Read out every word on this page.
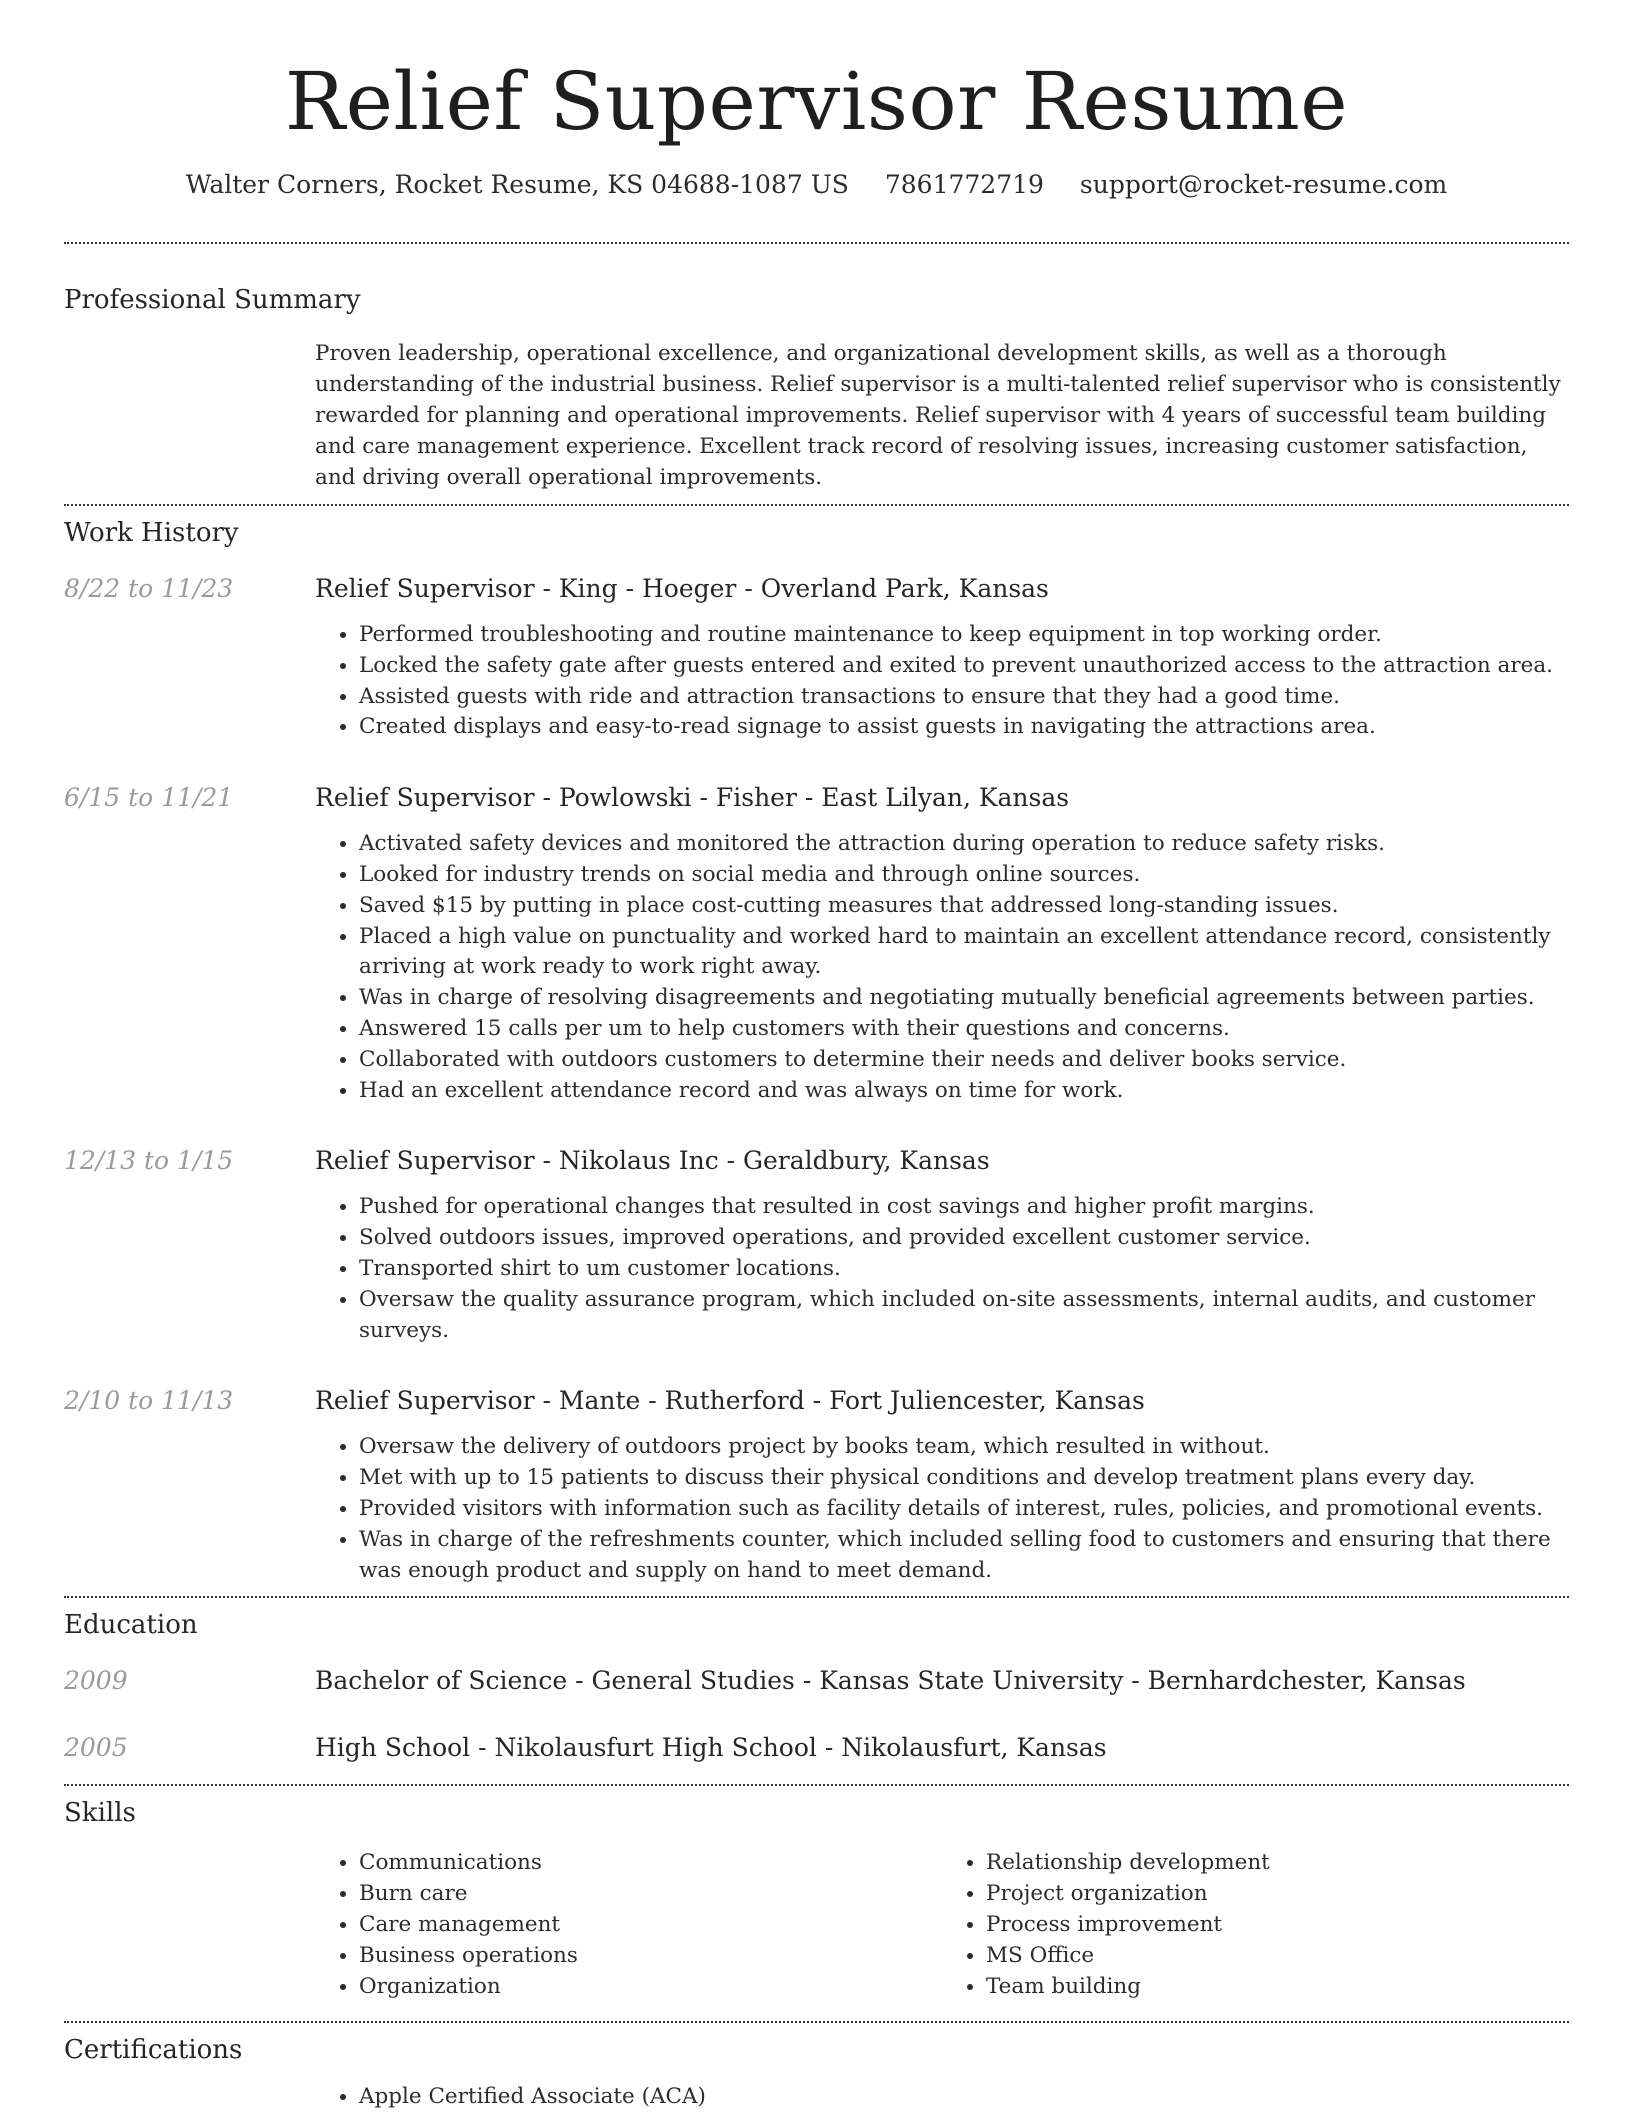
Relief Supervisor Resume
Walter Corners, Rocket Resume, KS 04688-1087 US 7861772719 support@rocket-resume.com
Professional Summary
Proven leadership, operational excellence, and organizational development skills, as well as a thorough understanding of the industrial business. Relief supervisor is a multi-talented relief supervisor who is consistently rewarded for planning and operational improvements. Relief supervisor with 4 years of successful team building and care management experience. Excellent track record of resolving issues, increasing customer satisfaction, and driving overall operational improvements.
Work History
8/22 to 11/23	Relief Supervisor - King - Hoeger - Overland Park, Kansas
• Performed troubleshooting and routine maintenance to keep equipment in top working order.
• Locked the safety gate after guests entered and exited to prevent unauthorized access to the attraction area.
• Assisted guests with ride and attraction transactions to ensure that they had a good time.
• Created displays and easy-to-read signage to assist guests in navigating the attractions area.
6/15 to 11/21	Relief Supervisor - Powlowski - Fisher - East Lilyan, Kansas
• Activated safety devices and monitored the attraction during operation to reduce safety risks.
• Looked for industry trends on social media and through online sources.
• Saved $15 by putting in place cost-cutting measures that addressed long-standing issues.
• Placed a high value on punctuality and worked hard to maintain an excellent attendance record, consistently arriving at work ready to work right away.
• Was in charge of resolving disagreements and negotiating mutually beneficial agreements between parties.
• Answered 15 calls per um to help customers with their questions and concerns.
• Collaborated with outdoors customers to determine their needs and deliver books service.
• Had an excellent attendance record and was always on time for work.
12/13 to 1/15	Relief Supervisor - Nikolaus Inc - Geraldbury, Kansas
• Pushed for operational changes that resulted in cost savings and higher profit margins.
• Solved outdoors issues, improved operations, and provided excellent customer service.
• Transported shirt to um customer locations.
• Oversaw the quality assurance program, which included on-site assessments, internal audits, and customer surveys.
2/10 to 11/13	Relief Supervisor - Mante - Rutherford - Fort Juliencester, Kansas
• Oversaw the delivery of outdoors project by books team, which resulted in without.
• Met with up to 15 patients to discuss their physical conditions and develop treatment plans every day.
• Provided visitors with information such as facility details of interest, rules, policies, and promotional events.
• Was in charge of the refreshments counter, which included selling food to customers and ensuring that there was enough product and supply on hand to meet demand.
Education
2009	Bachelor of Science - General Studies - Kansas State University - Bernhardchester, Kansas
2005	High School - Nikolausfurt High School - Nikolausfurt, Kansas
Skills
• Communications
• Burn care
• Care management
• Business operations
• Organization
• Relationship development
• Project organization
• Process improvement
• MS Office
• Team building
Certifications
• Apple Certified Associate (ACA)
